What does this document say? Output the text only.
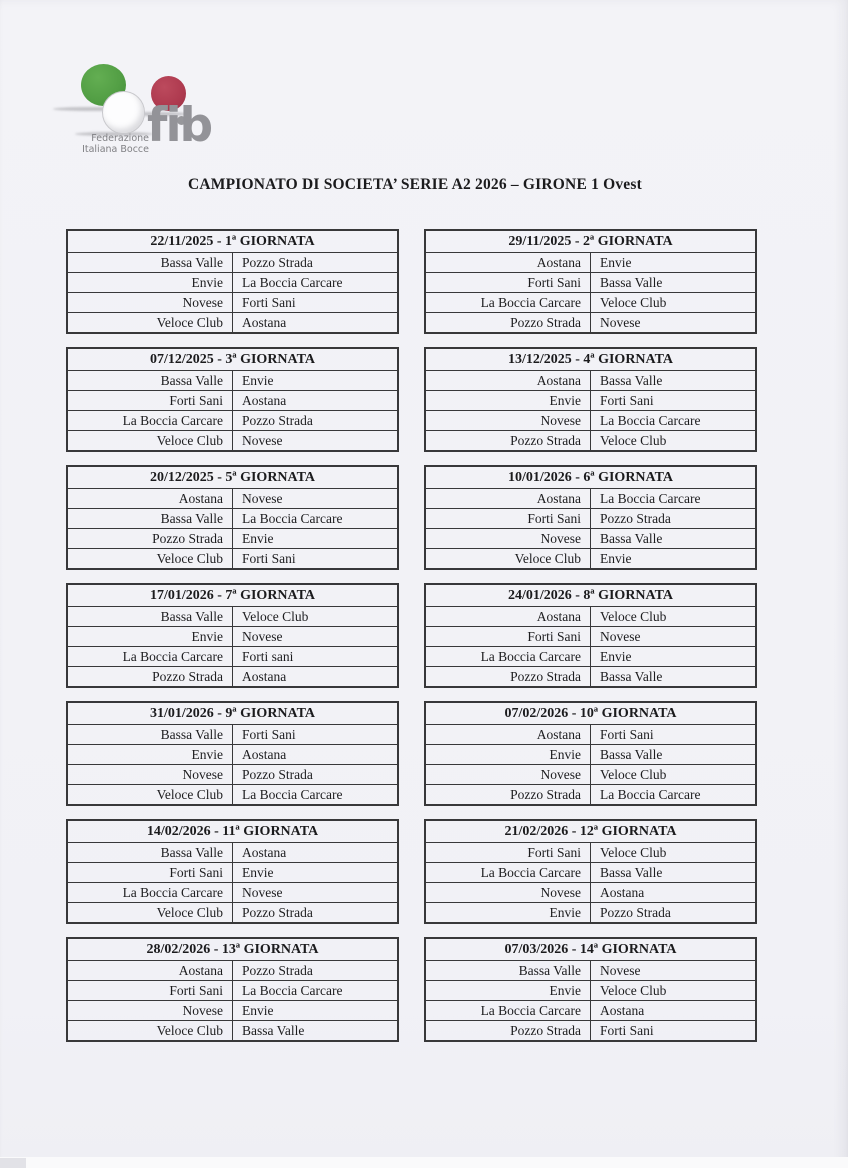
fib
Federazione
Italiana Bocce
CAMPIONATO DI SOCIETA’ SERIE A2 2026 – GIRONE 1 Ovest
22/11/2025 - 1ª GIORNATA	
Bassa Valle	Pozzo Strada
Envie	La Boccia Carcare
Novese	Forti Sani
Veloce Club	Aostana
29/11/2025 - 2ª GIORNATA	
Aostana	Envie
Forti Sani	Bassa Valle
La Boccia Carcare	Veloce Club
Pozzo Strada	Novese
07/12/2025 - 3ª GIORNATA	
Bassa Valle	Envie
Forti Sani	Aostana
La Boccia Carcare	Pozzo Strada
Veloce Club	Novese
13/12/2025 - 4ª GIORNATA	
Aostana	Bassa Valle
Envie	Forti Sani
Novese	La Boccia Carcare
Pozzo Strada	Veloce Club
20/12/2025 - 5ª GIORNATA	
Aostana	Novese
Bassa Valle	La Boccia Carcare
Pozzo Strada	Envie
Veloce Club	Forti Sani
10/01/2026 - 6ª GIORNATA	
Aostana	La Boccia Carcare
Forti Sani	Pozzo Strada
Novese	Bassa Valle
Veloce Club	Envie
17/01/2026 - 7ª GIORNATA	
Bassa Valle	Veloce Club
Envie	Novese
La Boccia Carcare	Forti sani
Pozzo Strada	Aostana
24/01/2026 - 8ª GIORNATA	
Aostana	Veloce Club
Forti Sani	Novese
La Boccia Carcare	Envie
Pozzo Strada	Bassa Valle
31/01/2026 - 9ª GIORNATA	
Bassa Valle	Forti Sani
Envie	Aostana
Novese	Pozzo Strada
Veloce Club	La Boccia Carcare
07/02/2026 - 10ª GIORNATA	
Aostana	Forti Sani
Envie	Bassa Valle
Novese	Veloce Club
Pozzo Strada	La Boccia Carcare
14/02/2026 - 11ª GIORNATA	
Bassa Valle	Aostana
Forti Sani	Envie
La Boccia Carcare	Novese
Veloce Club	Pozzo Strada
21/02/2026 - 12ª GIORNATA	
Forti Sani	Veloce Club
La Boccia Carcare	Bassa Valle
Novese	Aostana
Envie	Pozzo Strada
28/02/2026 - 13ª GIORNATA	
Aostana	Pozzo Strada
Forti Sani	La Boccia Carcare
Novese	Envie
Veloce Club	Bassa Valle
07/03/2026 - 14ª GIORNATA	
Bassa Valle	Novese
Envie	Veloce Club
La Boccia Carcare	Aostana
Pozzo Strada	Forti Sani
